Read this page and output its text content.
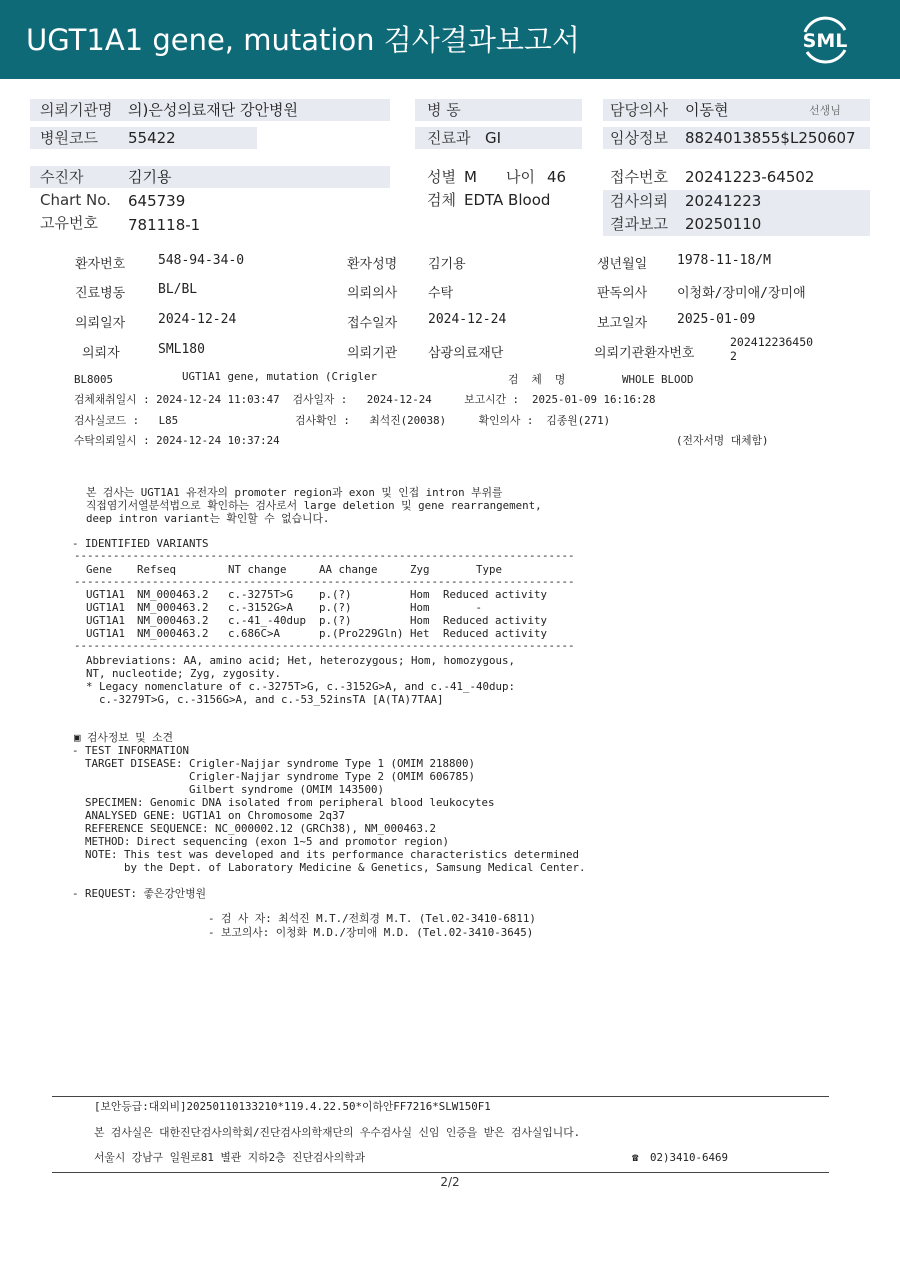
UGT1A1 gene, mutation 검사결과보고서	SML
의뢰기관명 의)은성의료재단 강안병원
병원코드 55422
병 동
진료과 GI
담당의사 이동현	선생님
임상정보 8824013855$L250607
수진자	김기용
Chart No. 645739
고유번호 781118-1
성별 M 나이 46
검체 EDTA Blood
접수번호 20241223-64502
검사의뢰 20241223
결과보고 20250110
환자번호	548-94-34-0	환자성명 김기용	생년월일 1978-11-18/M
진료병동	BL/BL	의뢰의사 수탁	판독의사 이청화/장미애/장미애
의뢰일자	2024-12-24	접수일자 2024-12-24	보고일자 2025-01-09
의뢰자	SML180	의뢰기관 삼광의료재단	의뢰기관환자번호
202412236450
2
BL8005	UGT1A1 gene, mutation (Crigler	검  체  명	WHOLE BLOOD
검체채취일시 : 2024-12-24 11:03:47  검사일자 :   2024-12-24     보고시간 :  2025-01-09 16:16:28
검사실코드 :   L85                  검사확인 :   최석진(20038)     확인의사 :  김종원(271)
수탁의뢰일시 : 2024-12-24 10:37:24	(전자서명 대체함)
본 검사는 UGT1A1 유전자의 promoter region과 exon 및 인접 intron 부위를
직접염기서열분석법으로 확인하는 검사로서 large deletion 및 gene rearrangement,
deep intron variant는 확인할 수 없습니다.
- IDENTIFIED VARIANTS
-----------------------------------------------------------------------------
Gene Refseq	NT change	AA change	Zyg	Type
-----------------------------------------------------------------------------
UGT1A1 NM_000463.2 c.-3275T>G p.(?)	Hom Reduced activity
UGT1A1 NM_000463.2 c.-3152G>A p.(?)	Hom -
UGT1A1 NM_000463.2 c.-41_-40dup p.(?)	Hom Reduced activity
UGT1A1 NM_000463.2 c.686C>A	p.(Pro229Gln) Het Reduced activity
-----------------------------------------------------------------------------
Abbreviations: AA, amino acid; Het, heterozygous; Hom, homozygous,
NT, nucleotide; Zyg, zygosity.
* Legacy nomenclature of c.-3275T>G, c.-3152G>A, and c.-41_-40dup:
c.-3279T>G, c.-3156G>A, and c.-53_52insTA [A(TA)7TAA]
▣ 검사정보 및 소견
- TEST INFORMATION
TARGET DISEASE: Crigler-Najjar syndrome Type 1 (OMIM 218800)
Crigler-Najjar syndrome Type 2 (OMIM 606785)
Gilbert syndrome (OMIM 143500)
SPECIMEN: Genomic DNA isolated from peripheral blood leukocytes
ANALYSED GENE: UGT1A1 on Chromosome 2q37
REFERENCE SEQUENCE: NC_000002.12 (GRCh38), NM_000463.2
METHOD: Direct sequencing (exon 1~5 and promotor region)
NOTE: This test was developed and its performance characteristics determined
by the Dept. of Laboratory Medicine & Genetics, Samsung Medical Center.
- REQUEST: 좋은강안병원
- 검 사 자: 최석진 M.T./전희경 M.T. (Tel.02-3410-6811)
- 보고의사: 이청화 M.D./장미애 M.D. (Tel.02-3410-3645)
[보안등급:대외비]20250110133210*119.4.22.50*이하안FF7216*SLW150F1
본 검사실은 대한진단검사의학회/진단검사의학재단의 우수검사실 신임 인증을 받은 검사실입니다.
서울시 강남구 일원로81 별관 지하2층 진단검사의학과	☎ 02)3410-6469
2/2
